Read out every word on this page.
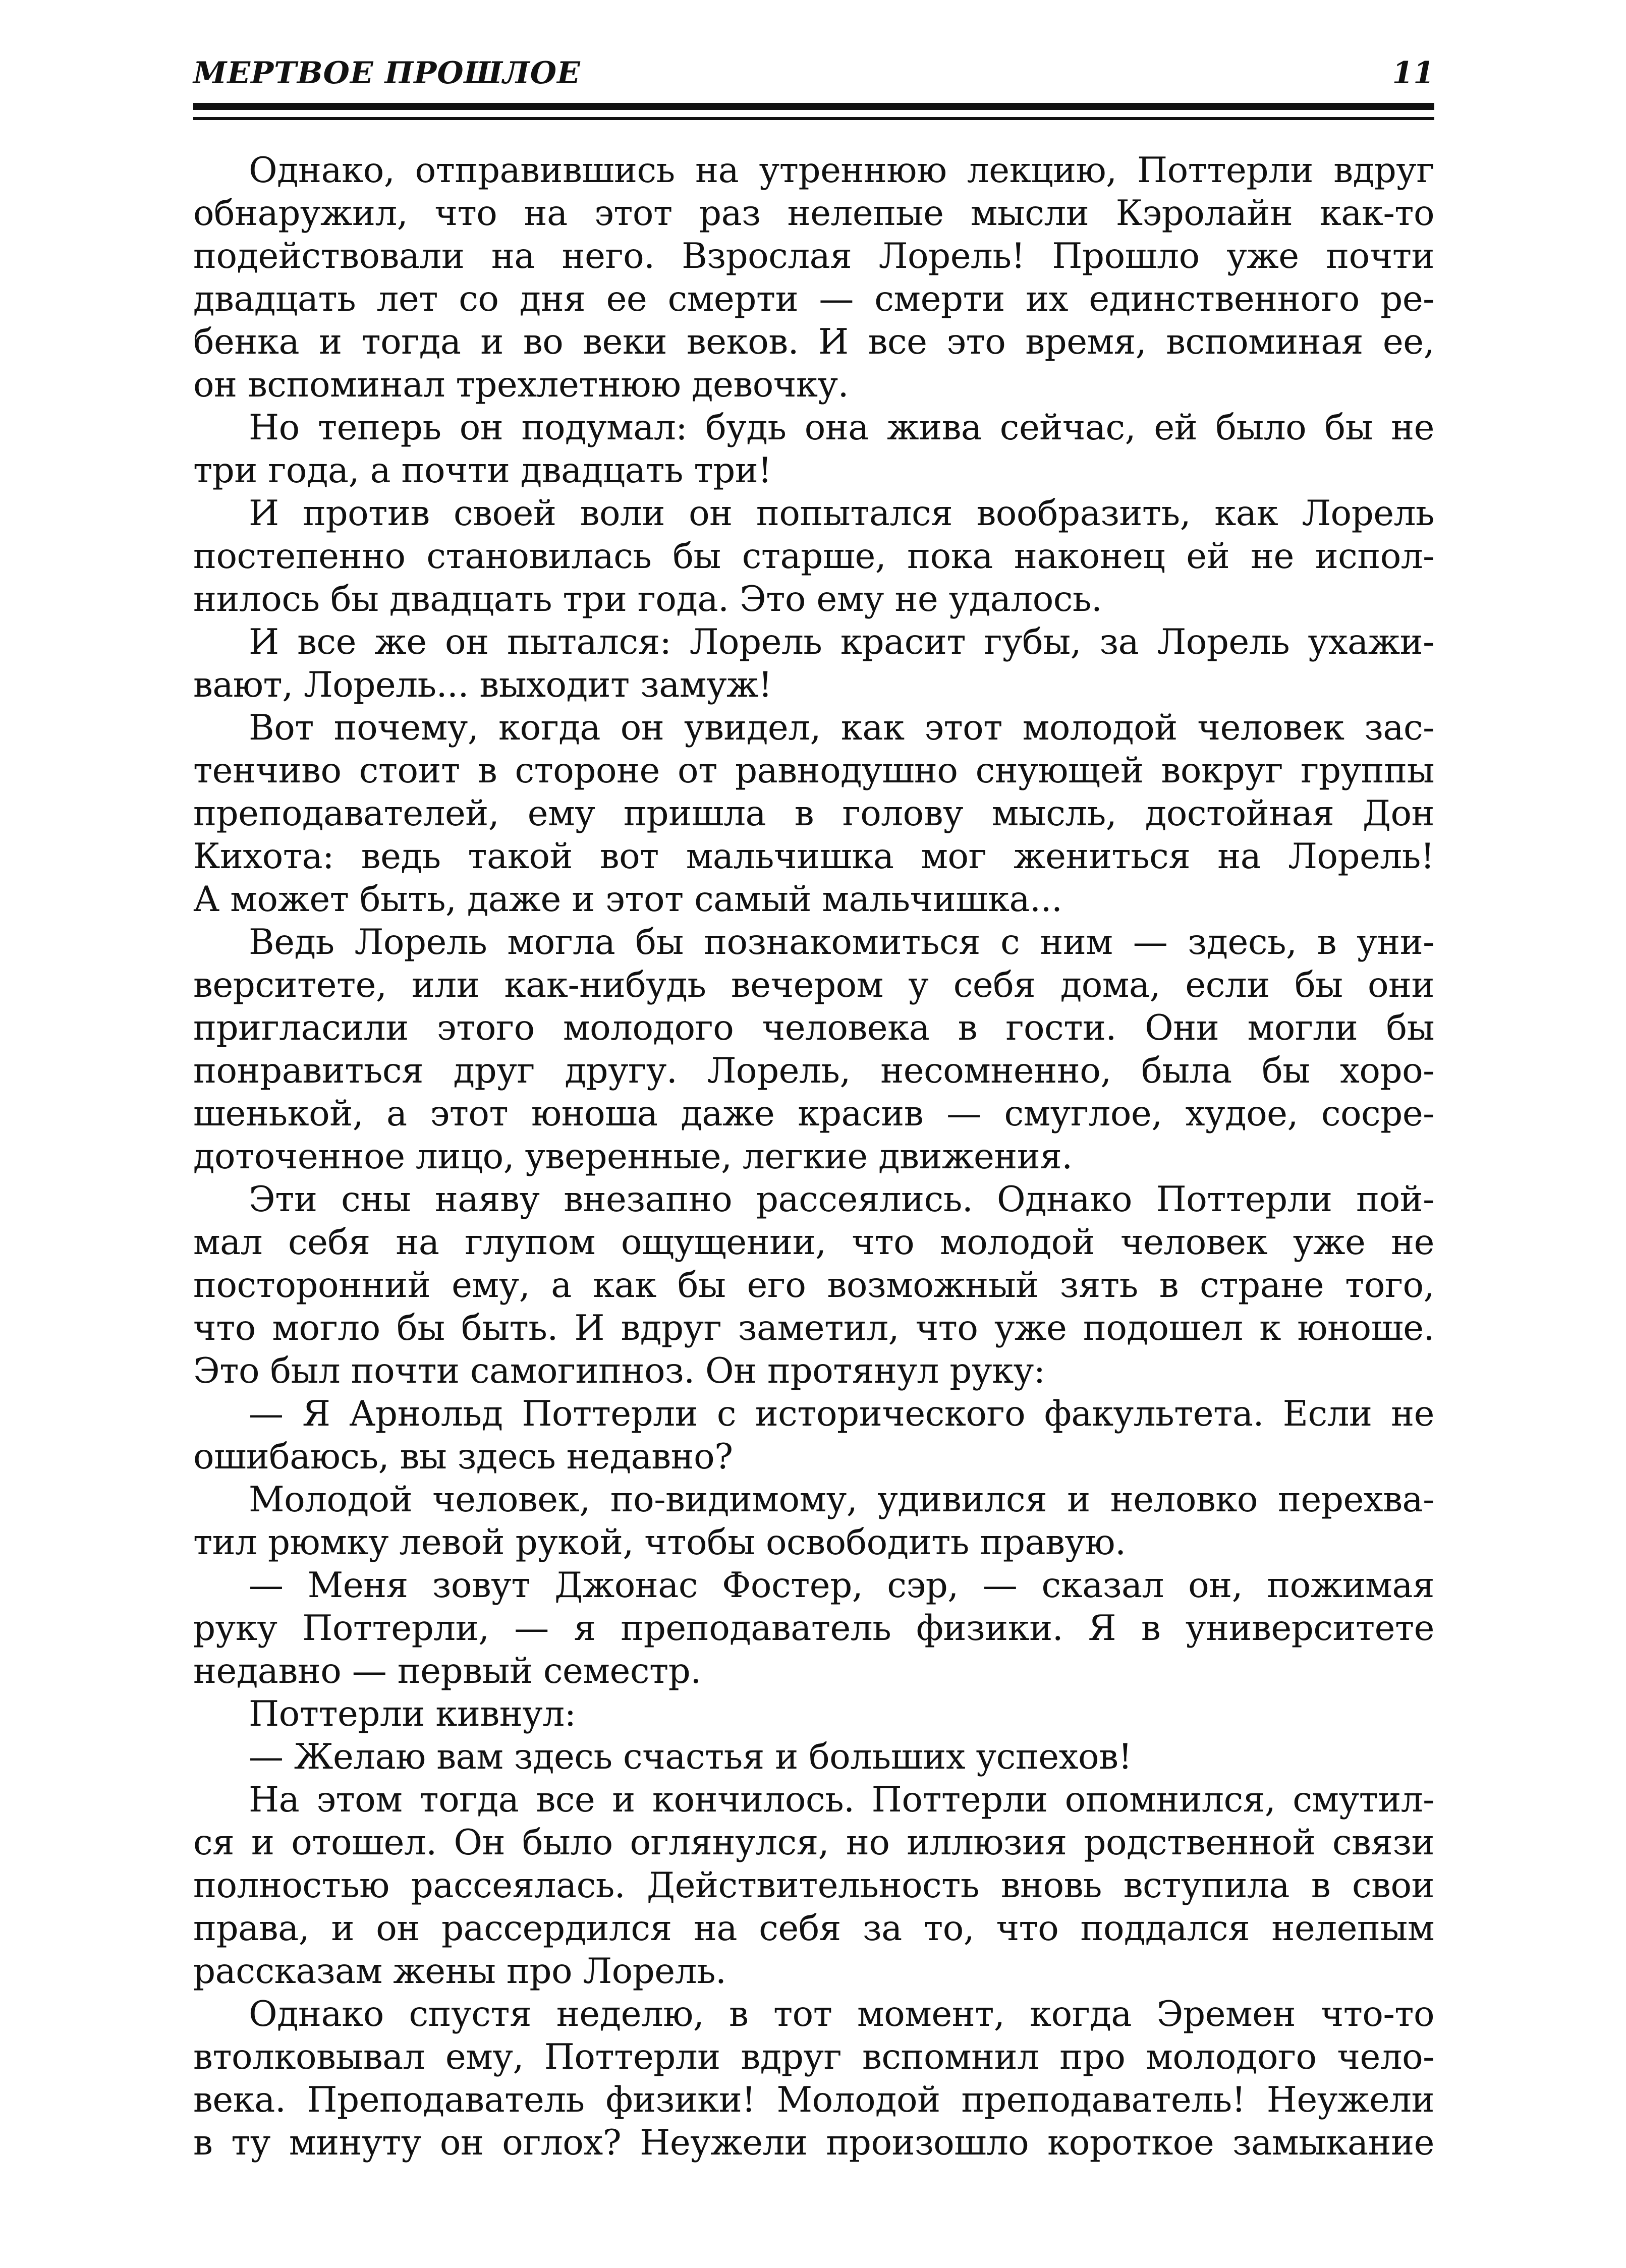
МЕРТВОЕ ПРОШЛОЕ	11
Однако, отправившись на утреннюю лекцию, Поттерли вдруг
обнаружил, что на этот раз нелепые мысли Кэролайн как-то
подействовали на него. Взрослая Лорель! Прошло уже почти
двадцать лет со дня ее смерти — смерти их единственного ре-
бенка и тогда и во веки веков. И все это время, вспоминая ее,
он вспоминал трехлетнюю девочку.
Но теперь он подумал: будь она жива сейчас, ей было бы не
три года, а почти двадцать три!
И против своей воли он попытался вообразить, как Лорель
постепенно становилась бы старше, пока наконец ей не испол-
нилось бы двадцать три года. Это ему не удалось.
И все же он пытался: Лорель красит губы, за Лорель ухажи-
вают, Лорель... выходит замуж!
Вот почему, когда он увидел, как этот молодой человек зас-
тенчиво стоит в стороне от равнодушно снующей вокруг группы
преподавателей, ему пришла в голову мысль, достойная Дон
Кихота: ведь такой вот мальчишка мог жениться на Лорель!
А может быть, даже и этот самый мальчишка...
Ведь Лорель могла бы познакомиться с ним — здесь, в уни-
верситете, или как-нибудь вечером у себя дома, если бы они
пригласили этого молодого человека в гости. Они могли бы
понравиться друг другу. Лорель, несомненно, была бы хоро-
шенькой, а этот юноша даже красив — смуглое, худое, сосре-
доточенное лицо, уверенные, легкие движения.
Эти сны наяву внезапно рассеялись. Однако Поттерли пой-
мал себя на глупом ощущении, что молодой человек уже не
посторонний ему, а как бы его возможный зять в стране того,
что могло бы быть. И вдруг заметил, что уже подошел к юноше.
Это был почти самогипноз. Он протянул руку:
— Я Арнольд Поттерли с исторического факультета. Если не
ошибаюсь, вы здесь недавно?
Молодой человек, по-видимому, удивился и неловко перехва-
тил рюмку левой рукой, чтобы освободить правую.
— Меня зовут Джонас Фостер, сэр, — сказал он, пожимая
руку Поттерли, — я преподаватель физики. Я в университете
недавно — первый семестр.
Поттерли кивнул:
— Желаю вам здесь счастья и больших успехов!
На этом тогда все и кончилось. Поттерли опомнился, смутил-
ся и отошел. Он было оглянулся, но иллюзия родственной связи
полностью рассеялась. Действительность вновь вступила в свои
права, и он рассердился на себя за то, что поддался нелепым
рассказам жены про Лорель.
Однако спустя неделю, в тот момент, когда Эремен что-то
втолковывал ему, Поттерли вдруг вспомнил про молодого чело-
века. Преподаватель физики! Молодой преподаватель! Неужели
в ту минуту он оглох? Неужели произошло короткое замыкание
